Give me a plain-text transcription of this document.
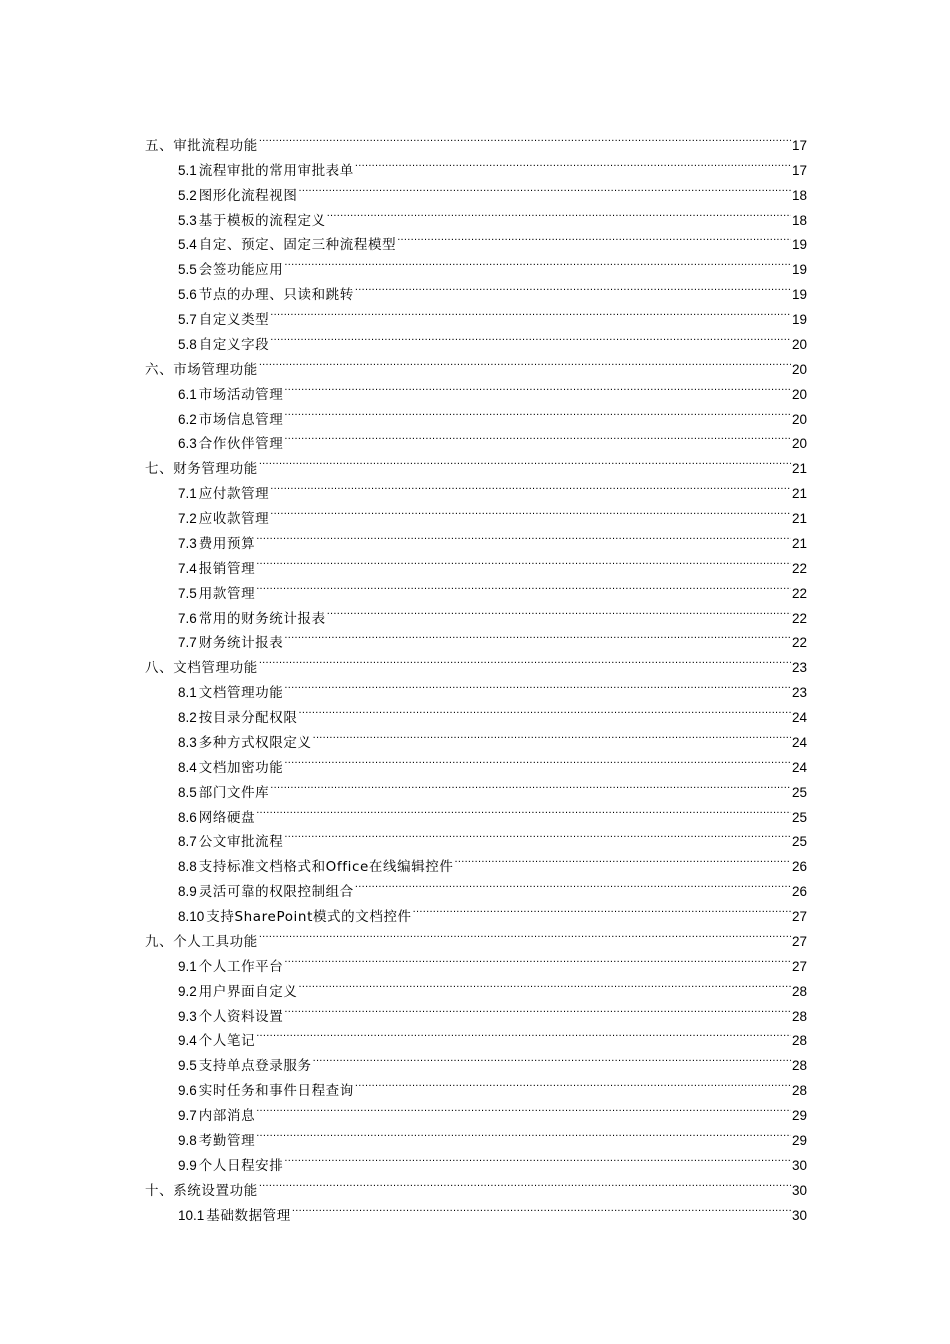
五、审批流程功能 .....	17
5.1 流程审批的常用审批表单 .....	17
5.2 图形化流程视图 .....	18
5.3 基于模板的流程定义 .....	18
5.4 自定、预定、固定三种流程模型 .....	19
5.5 会签功能应用 .....	19
5.6 节点的办理、只读和跳转 .....	19
5.7 自定义类型 .....	19
5.8 自定义字段 .....	20
六、市场管理功能 .....	20
6.1 市场活动管理 .....	20
6.2 市场信息管理 .....	20
6.3 合作伙伴管理 .....	20
七、财务管理功能 .....	21
7.1 应付款管理 .....	21
7.2 应收款管理 .....	21
7.3 费用预算 .....	21
7.4 报销管理 .....	22
7.5 用款管理 .....	22
7.6 常用的财务统计报表 .....	22
7.7 财务统计报表 .....	22
八、文档管理功能 .....	23
8.1 文档管理功能 .....	23
8.2 按目录分配权限 .....	24
8.3 多种方式权限定义 .....	24
8.4 文档加密功能 .....	24
8.5 部门文件库 .....	25
8.6 网络硬盘 .....	25
8.7 公文审批流程 .....	25
8.8 支持标准文档格式和Office在线编辑控件 .....	26
8.9 灵活可靠的权限控制组合 .....	26
8.10 支持SharePoint模式的文档控件 .....	27
九、个人工具功能 .....	27
9.1 个人工作平台 .....	27
9.2 用户界面自定义 .....	28
9.3 个人资料设置 .....	28
9.4 个人笔记 .....	28
9.5 支持单点登录服务 .....	28
9.6 实时任务和事件日程查询 .....	28
9.7 内部消息 .....	29
9.8 考勤管理 .....	29
9.9 个人日程安排 .....	30
十、系统设置功能 .....	30
10.1 基础数据管理 .....	30
